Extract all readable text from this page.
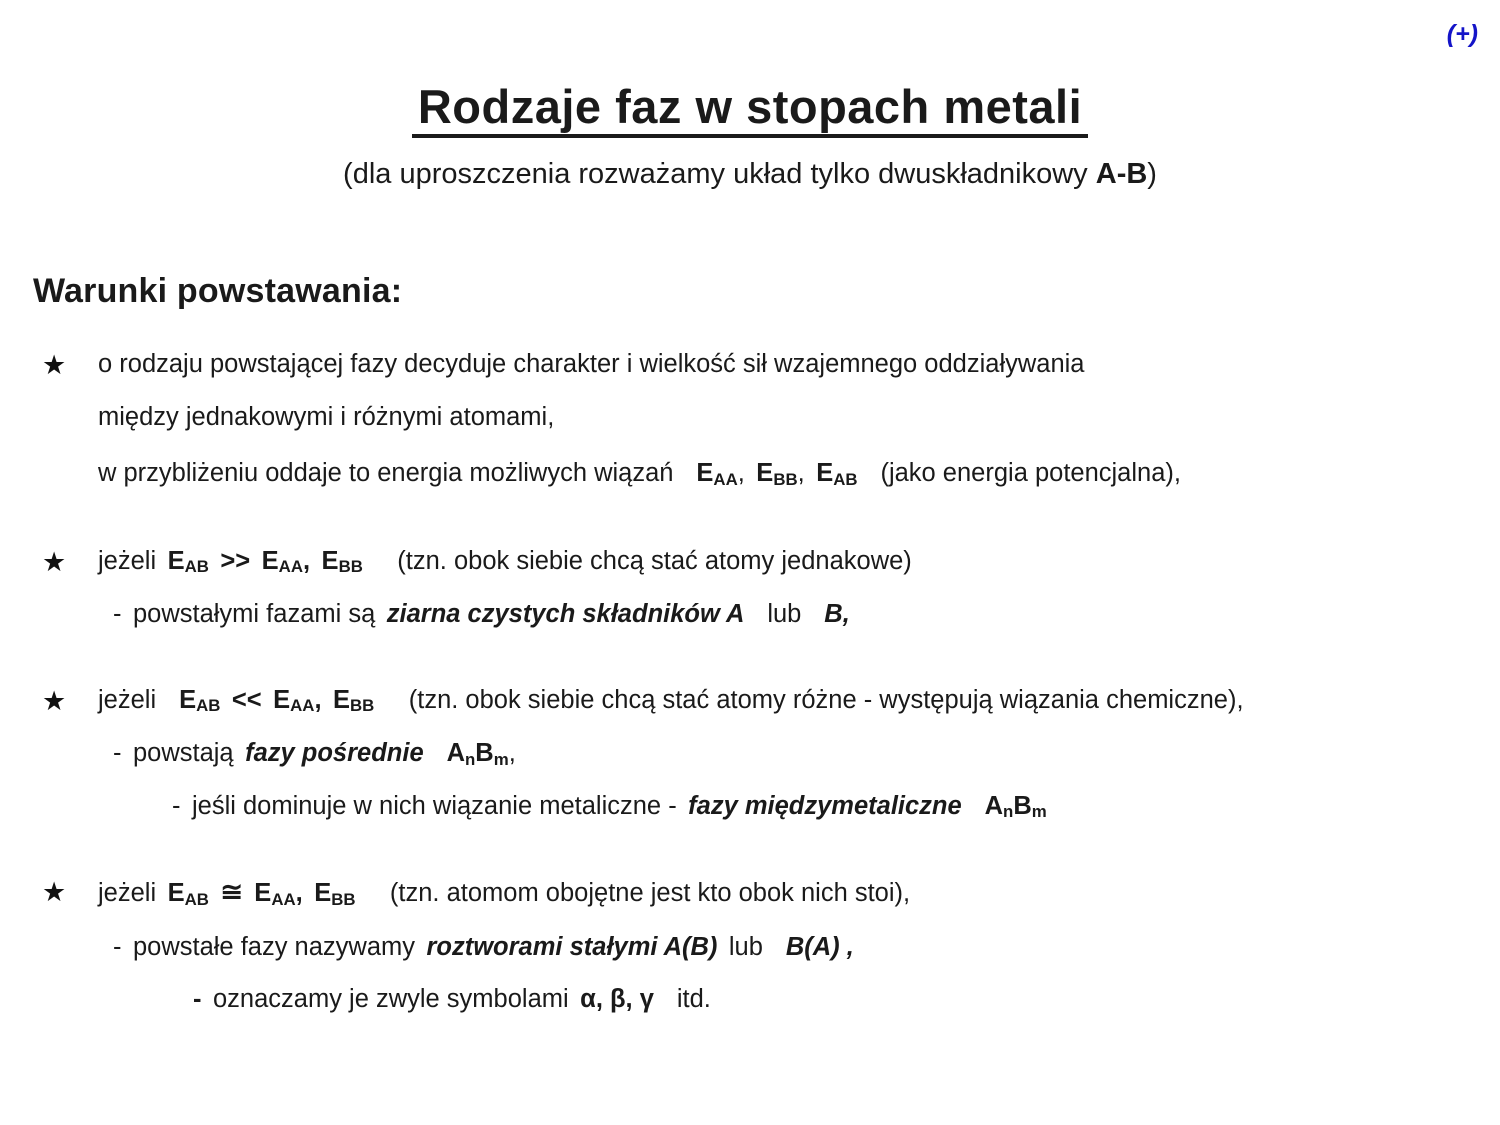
(+)
Rodzaje faz w stopach metali
(dla uproszczenia rozważamy układ tylko dwuskładnikowy A-B)
Warunki powstawania:
★ o rodzaju powstającej fazy decyduje charakter i wielkość sił wzajemnego oddziaływania
między jednakowymi i różnymi atomami,
w przybliżeniu oddaje to energia możliwych wiązań $E_{AA}$, $E_{BB}$, $E_{AB}$ (jako energia potencjalna),
★ jeżeli $E_{AB} >> E_{AA}$, $E_{BB}$ (tzn. obok siebie chcą stać atomy jednakowe)
- powstałymi fazami są ziarna czystych składników A lub B,
★ jeżeli $E_{AB} << E_{AA}$, $E_{BB}$ (tzn. obok siebie chcą stać atomy różne - występują wiązania chemiczne),
- powstają fazy pośrednie $A_nB_m$,
- jeśli dominuje w nich wiązanie metaliczne - fazy międzymetaliczne $A_nB_m$
★ jeżeli $E_{AB}$ ≅ $E_{AA}$, $E_{BB}$ (tzn. atomom obojętne jest kto obok nich stoi),
- powstałe fazy nazywamy roztworami stałymi A(B) lub B(A) ,
- oznaczamy je zwyle symbolami α, β, γ itd.
